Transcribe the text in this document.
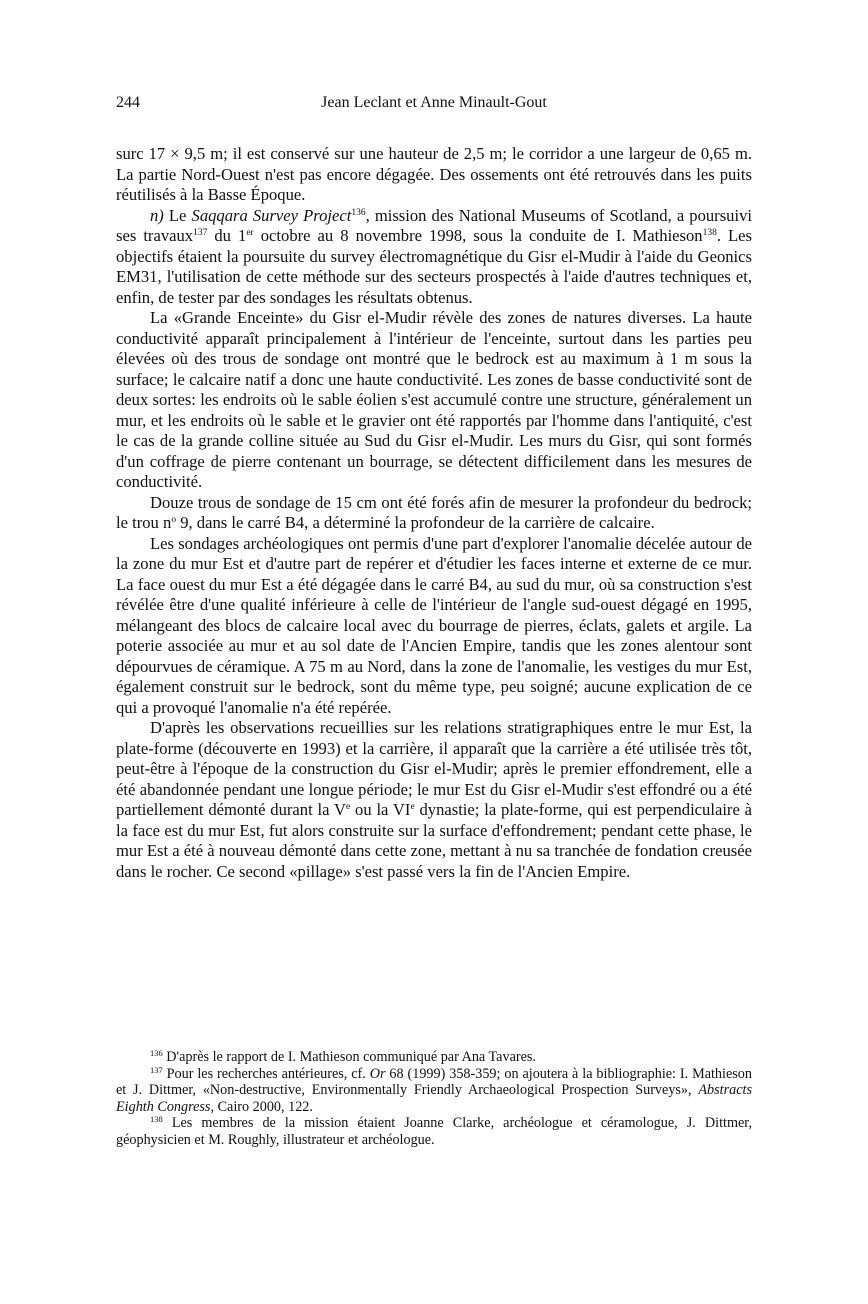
244	Jean Leclant et Anne Minault-Gout

surc 17 × 9,5 m; il est conservé sur une hauteur de 2,5 m; le corridor a une largeur de 0,65 m. La partie Nord-Ouest n'est pas encore dégagée. Des ossements ont été retrouvés dans les puits réutilisés à la Basse Époque.

n) Le Saqqara Survey Project$^{136}$, mission des National Museums of Scotland, a poursuivi ses travaux$^{137}$ du 1er octobre au 8 novembre 1998, sous la conduite de I. Mathieson$^{138}$. Les objectifs étaient la poursuite du survey électromagnétique du Gisr el-Mudir à l'aide du Geonics EM31, l'utilisation de cette méthode sur des secteurs prospectés à l'aide d'autres techniques et, enfin, de tester par des sondages les résultats obtenus.

La «Grande Enceinte» du Gisr el-Mudir révèle des zones de natures diverses. La haute conductivité apparaît principalement à l'intérieur de l'enceinte, surtout dans les parties peu élevées où des trous de sondage ont montré que le bedrock est au maximum à 1 m sous la surface; le calcaire natif a donc une haute conductivité. Les zones de basse conductivité sont de deux sortes: les endroits où le sable éolien s'est accumulé contre une structure, généralement un mur, et les endroits où le sable et le gravier ont été rapportés par l'homme dans l'antiquité, c'est le cas de la grande colline située au Sud du Gisr el-Mudir. Les murs du Gisr, qui sont formés d'un coffrage de pierre contenant un bourrage, se détectent difficilement dans les mesures de conductivité.

Douze trous de sondage de 15 cm ont été forés afin de mesurer la profondeur du bedrock; le trou $n^o$ 9, dans le carré B4, a déterminé la profondeur de la carrière de calcaire.

Les sondages archéologiques ont permis d'une part d'explorer l'anomalie décelée autour de la zone du mur Est et d'autre part de repérer et d'étudier les faces interne et externe de ce mur. La face ouest du mur Est a été dégagée dans le carré B4, au sud du mur, où sa construction s'est révélée être d'une qualité inférieure à celle de l'intérieur de l'angle sud-ouest dégagé en 1995, mélangeant des blocs de calcaire local avec du bourrage de pierres, éclats, galets et argile. La poterie associée au mur et au sol date de l'Ancien Empire, tandis que les zones alentour sont dépourvues de céramique. A 75 m au Nord, dans la zone de l'anomalie, les vestiges du mur Est, également construit sur le bedrock, sont du même type, peu soigné; aucune explication de ce qui a provoqué l'anomalie n'a été repérée.

D'après les observations recueillies sur les relations stratigraphiques entre le mur Est, la plate-forme (découverte en 1993) et la carrière, il apparaît que la carrière a été utilisée très tôt, peut-être à l'époque de la construction du Gisr el-Mudir; après le premier effondrement, elle a été abandonnée pendant une longue période; le mur Est du Gisr el-Mudir s'est effondré ou a été partiellement démonté durant la Ve ou la VIe dynastie; la plate-forme, qui est perpendiculaire à la face est du mur Est, fut alors construite sur la surface d'effondrement; pendant cette phase, le mur Est a été à nouveau démonté dans cette zone, mettant à nu sa tranchée de fondation creusée dans le rocher. Ce second «pillage» s'est passé vers la fin de l'Ancien Empire.

$^{136}$ D'après le rapport de I. Mathieson communiqué par Ana Tavares.

$^{137}$ Pour les recherches antérieures, cf. Or 68 (1999) 358-359; on ajoutera à la bibliographie: I. Mathieson et J. Dittmer, «Non-destructive, Environmentally Friendly Archaeological Prospection Surveys», Abstracts Eighth Congress, Cairo 2000, 122.

$^{138}$ Les membres de la mission étaient Joanne Clarke, archéologue et céramologue, J. Dittmer, géophysicien et M. Roughly, illustrateur et archéologue.
